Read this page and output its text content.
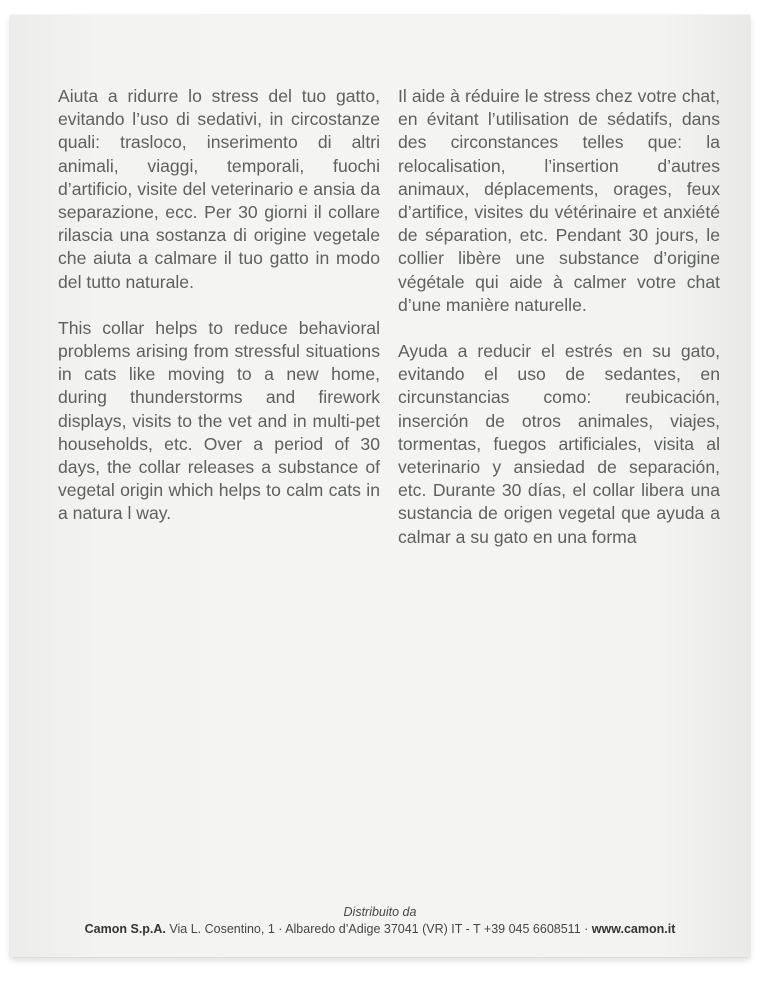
Aiuta a ridurre lo stress del tuo gatto, evitando l’uso di sedativi, in circostanze quali: trasloco, inserimento di altri animali, viaggi, temporali, fuochi d’artificio, visite del veterinario e ansia da separazione, ecc. Per 30 giorni il collare rilascia una sostanza di origine vegetale che aiuta a calmare il tuo gatto in modo del tutto naturale.

This collar helps to reduce behavioral problems arising from stressful situations in cats like moving to a new home, during thunderstorms and firework displays, visits to the vet and in multi-pet households, etc. Over a period of 30 days, the collar releases a substance of vegetal origin which helps to calm cats in a natura l way.

Il aide à réduire le stress chez votre chat, en évitant l’utilisation de sédatifs, dans des circonstances telles que: la relocalisation, l’insertion d’autres animaux, déplacements, orages, feux d’artifice, visites du vétérinaire et anxiété de séparation, etc. Pendant 30 jours, le collier libère une substance d’origine végétale qui aide à calmer votre chat d’une manière naturelle.

Ayuda a reducir el estrés en su gato, evitando el uso de sedantes, en circunstancias como: reubicación, inserción de otros animales, viajes, tormentas, fuegos artificiales, visita al veterinario y ansiedad de separación, etc. Durante 30 días, el collar libera una sustancia de origen vegetal que ayuda a calmar a su gato en una forma

Distribuito da
Camon S.p.A. Via L. Cosentino, 1 · Albaredo d’Adige 37041 (VR) IT - T +39 045 6608511 · www.camon.it
